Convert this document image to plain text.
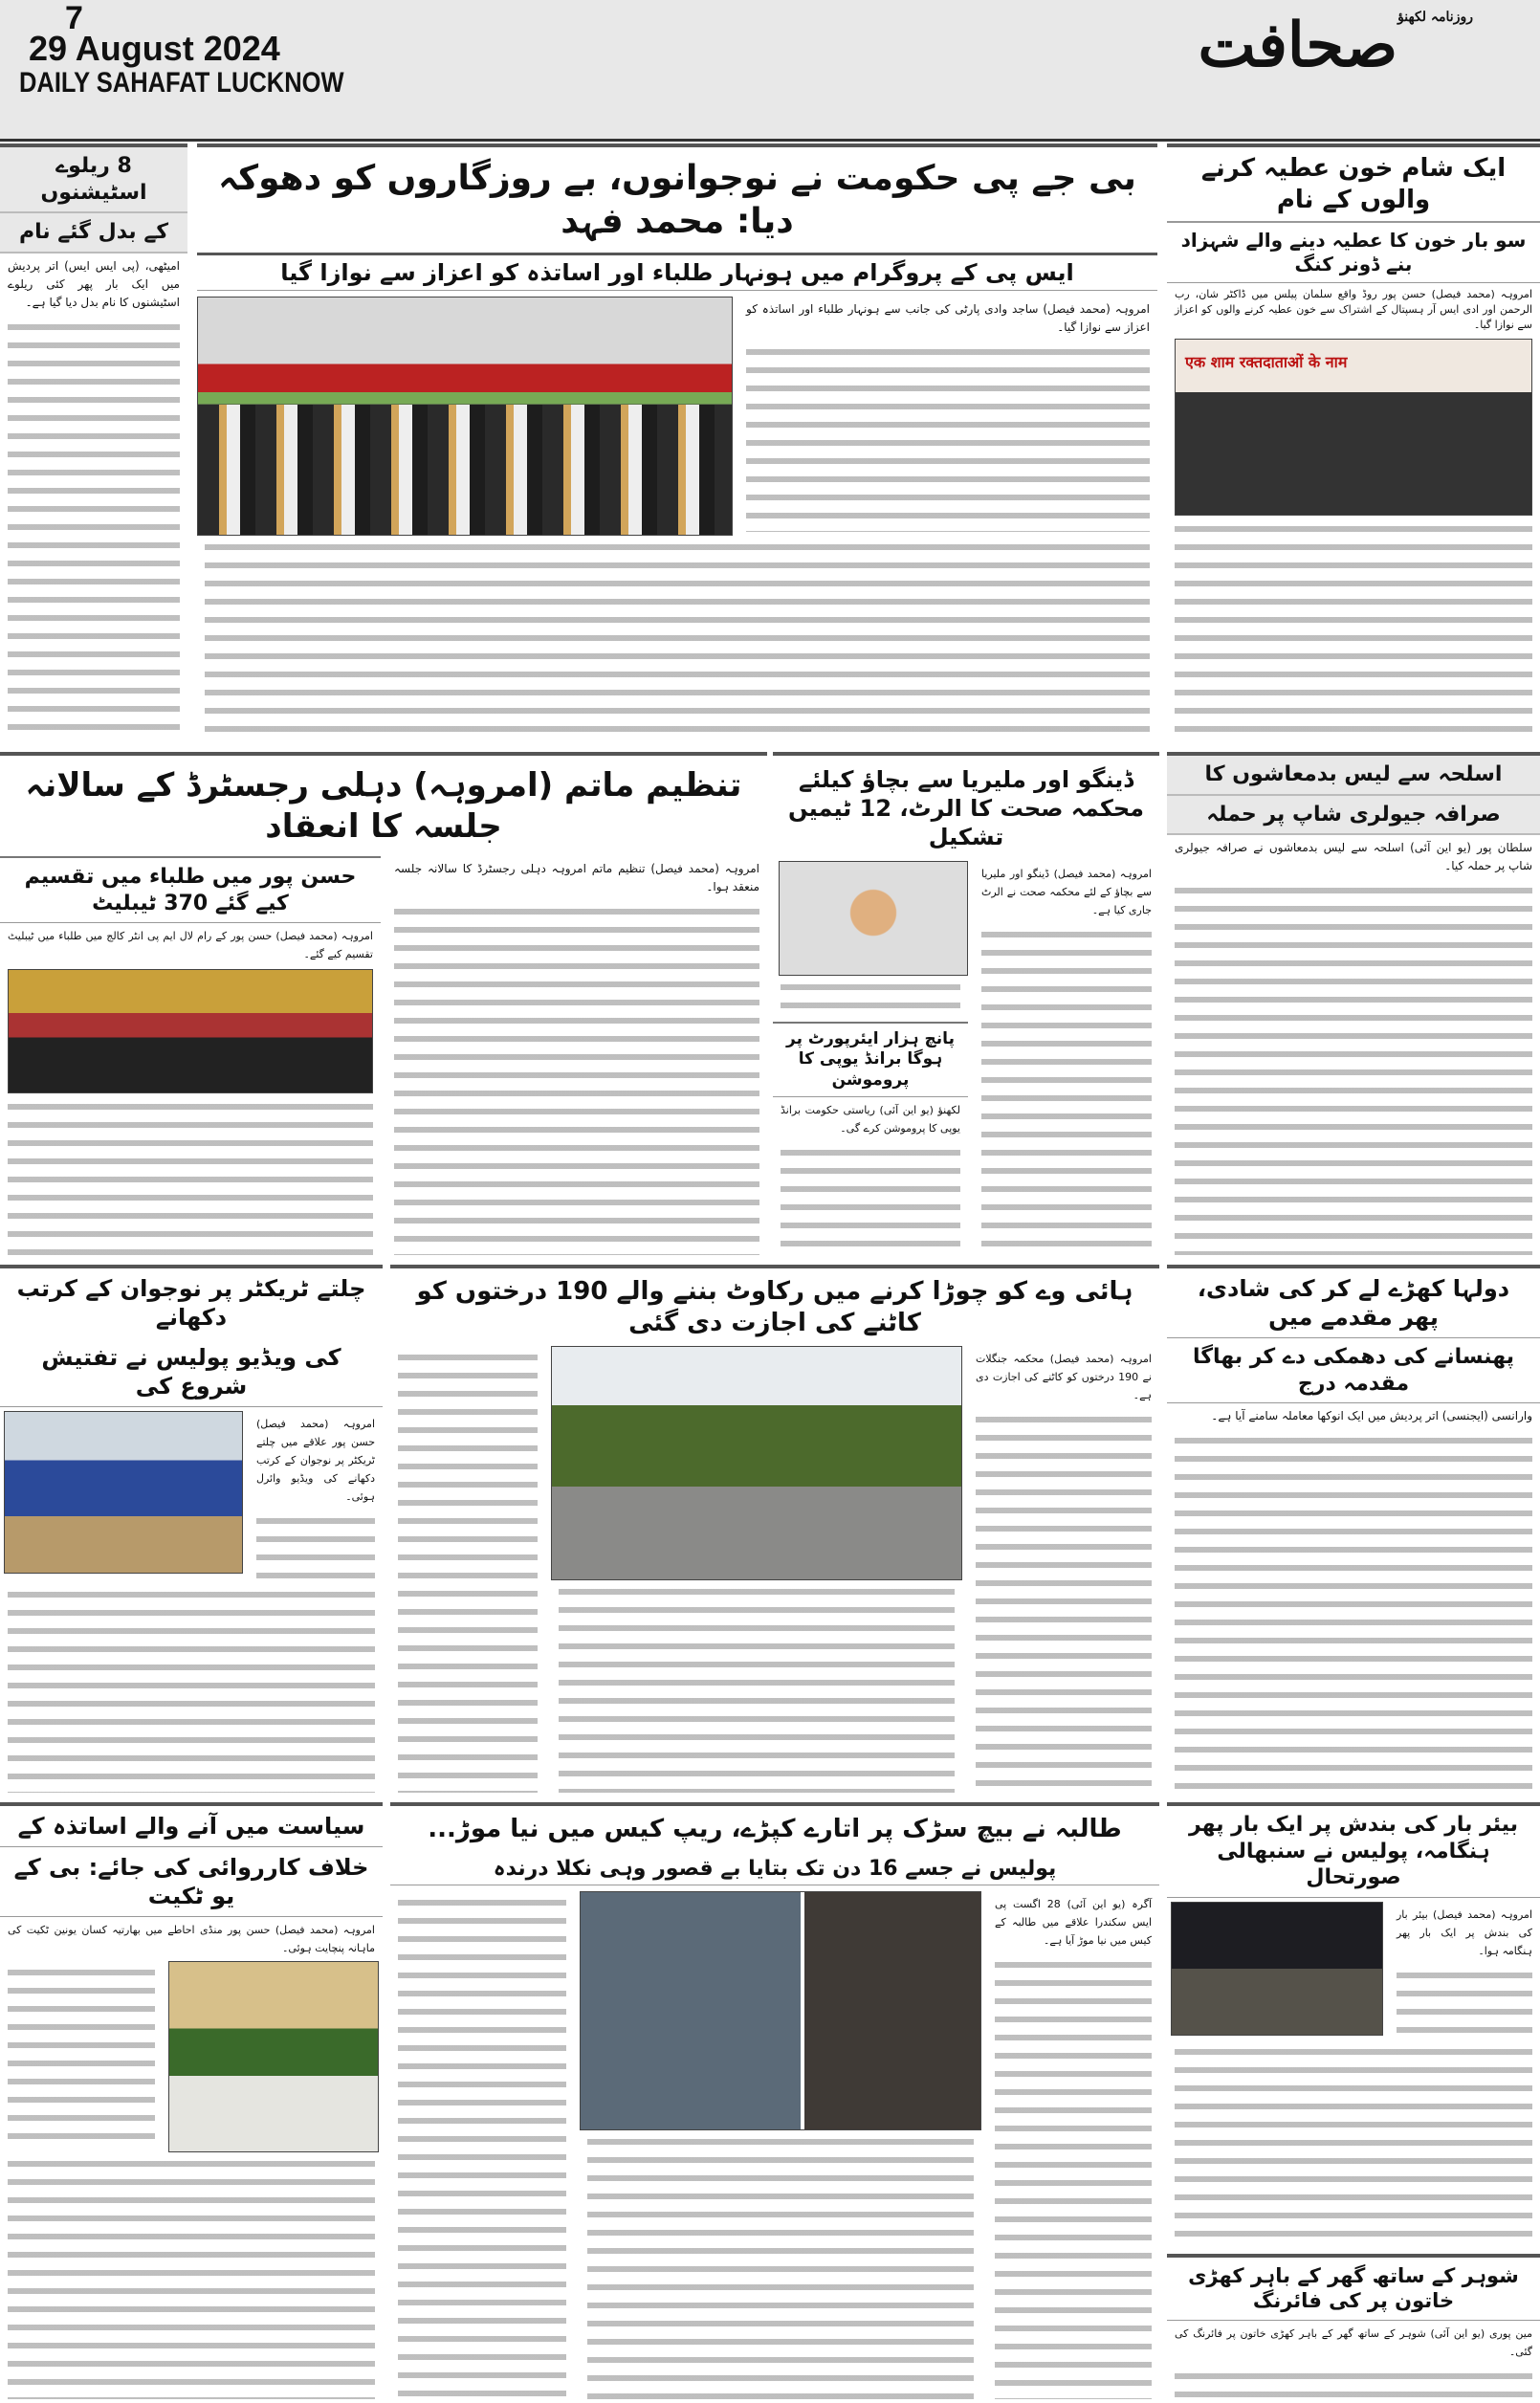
7
29 August 2024
DAILY SAHAFAT LUCKNOW
$^{روزنامہ لکھنؤ}$صحافت
8 ریلوے اسٹیشنوں
کے بدل گئے نام
امیٹھی، (پی ایس ایس) اتر پردیش میں ایک بار پھر کئی ریلوے اسٹیشنوں کا نام بدل دیا گیا ہے۔
بی جے پی حکومت نے نوجوانوں، بے روزگاروں کو دھوکہ دیا: محمد فہد
ایس پی کے پروگرام میں ہونہار طلباء اور اساتذہ کو اعزاز سے نوازا گیا
امروہہ (محمد فیصل) ساجد وادی پارٹی کی جانب سے ہونہار طلباء اور اساتذہ کو اعزاز سے نوازا گیا۔
ایک شام خون عطیہ کرنے والوں کے نام
سو بار خون کا عطیہ دینے والے شہزاد بنے ڈونر کنگ
امروہہ (محمد فیصل) حسن پور روڈ واقع سلمان پیلس میں ڈاکٹر شان، رب الرحمن اور ادی ایس آر ہسپتال کے اشتراک سے خون عطیہ کرنے والوں کو اعزاز سے نوازا گیا۔
एक शाम रक्तदाताओं के नाम
تنظیم ماتم (امروہہ) دہلی رجسٹرڈ کے سالانہ جلسہ کا انعقاد
حسن پور میں طلباء میں تقسیم کیے گئے 370 ٹیبلیٹ
امروہہ (محمد فیصل) حسن پور کے رام لال ایم پی انٹر کالج میں طلباء میں ٹیبلیٹ تقسیم کیے گئے۔
امروہہ (محمد فیصل) تنظیم ماتم امروہہ دہلی رجسٹرڈ کا سالانہ جلسہ منعقد ہوا۔
ڈینگو اور ملیریا سے بچاؤ کیلئے محکمہ صحت کا الرٹ، 12 ٹیمیں تشکیل
امروہہ (محمد فیصل) ڈینگو اور ملیریا سے بچاؤ کے لئے محکمہ صحت نے الرٹ جاری کیا ہے۔
پانچ ہزار ایئرپورٹ پر ہوگا برانڈ یوپی کا پروموشن
لکھنؤ (یو این آئی) ریاستی حکومت برانڈ یوپی کا پروموشن کرے گی۔
اسلحہ سے لیس بدمعاشوں کا
صرافہ جیولری شاپ پر حملہ
سلطان پور (یو این آئی) اسلحہ سے لیس بدمعاشوں نے صرافہ جیولری شاپ پر حملہ کیا۔
چلتے ٹریکٹر پر نوجوان کے کرتب دکھانے
کی ویڈیو پولیس نے تفتیش شروع کی
امروہہ (محمد فیصل) حسن پور علاقے میں چلتے ٹریکٹر پر نوجوان کے کرتب دکھانے کی ویڈیو وائرل ہوئی۔
ہائی وے کو چوڑا کرنے میں رکاوٹ بننے والے 190 درختوں کو کاٹنے کی اجازت دی گئی
امروہہ (محمد فیصل) محکمہ جنگلات نے 190 درختوں کو کاٹنے کی اجازت دی ہے۔
دولہا کھڑے لے کر کی شادی، پھر مقدمے میں
پھنسانے کی دھمکی دے کر بھاگا مقدمہ درج
وارانسی (ایجنسی) اتر پردیش میں ایک انوکھا معاملہ سامنے آیا ہے۔
سیاست میں آنے والے اساتذہ کے
خلاف کارروائی کی جائے: بی کے یو ٹکیت
امروہہ (محمد فیصل) حسن پور منڈی احاطے میں بھارتیہ کسان یونین ٹکیت کی ماہانہ پنچایت ہوئی۔
طالبہ نے بیچ سڑک پر اتارے کپڑے، ریپ کیس میں نیا موڑ...
پولیس نے جسے 16 دن تک بتایا بے قصور وہی نکلا درندہ
آگرہ (یو این آئی) 28 اگست پی ایس سکندرا علاقے میں طالبہ کے کیس میں نیا موڑ آیا ہے۔
بیئر بار کی بندش پر ایک بار پھر ہنگامہ، پولیس نے سنبھالی صورتحال
امروہہ (محمد فیصل) بیئر بار کی بندش پر ایک بار پھر ہنگامہ ہوا۔
شوہر کے ساتھ گھر کے باہر کھڑی خاتون پر کی فائرنگ
مین پوری (یو این آئی) شوہر کے ساتھ گھر کے باہر کھڑی خاتون پر فائرنگ کی گئی۔
